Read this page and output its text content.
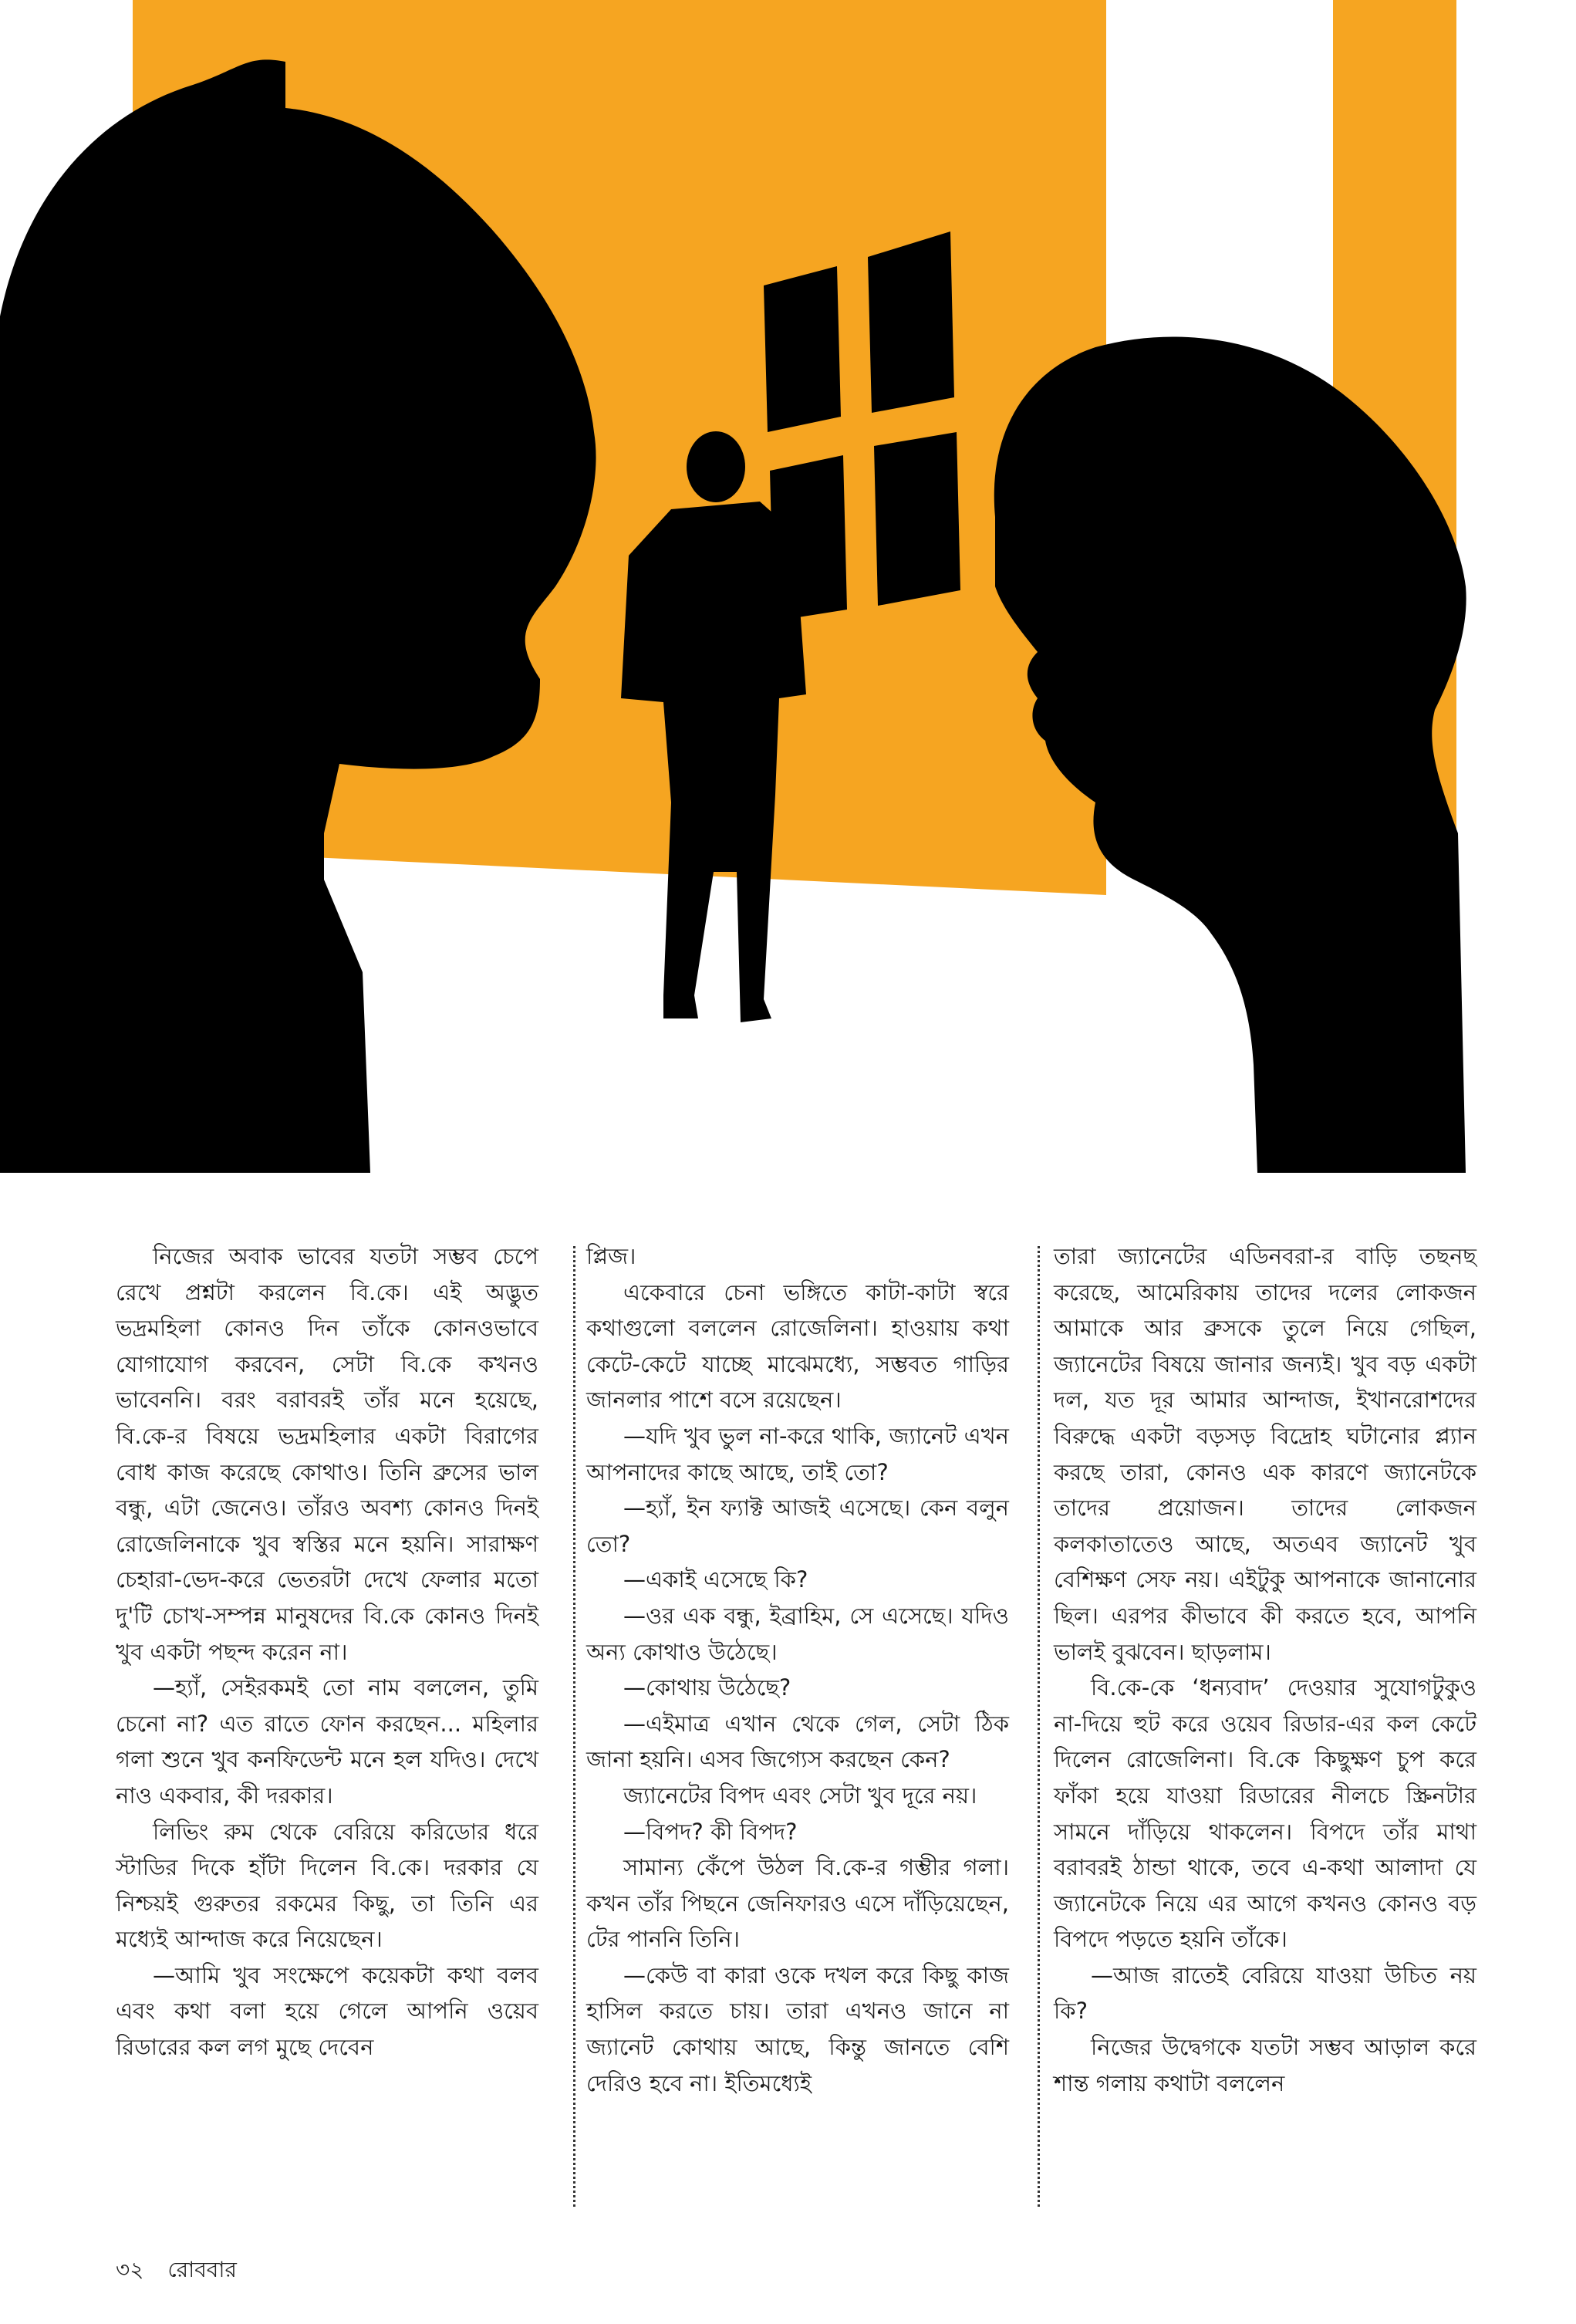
নিজের অবাক ভাবের যতটা সম্ভব চেপে রেখে প্রশ্নটা করলেন বি.কে। এই অদ্ভুত ভদ্রমহিলা কোনও দিন তাঁকে কোনওভাবে যোগাযোগ করবেন, সেটা বি.কে কখনও ভাবেননি। বরং বরাবরই তাঁর মনে হয়েছে, বি.কে-র বিষয়ে ভদ্রমহিলার একটা বিরাগের বোধ কাজ করেছে কোথাও। তিনি ব্রুসের ভাল বন্ধু, এটা জেনেও। তাঁরও অবশ্য কোনও দিনই রোজেলিনাকে খুব স্বস্তির মনে হয়নি। সারাক্ষণ চেহারা-ভেদ-করে ভেতরটা দেখে ফেলার মতো দু'টি চোখ-সম্পন্ন মানুষদের বি.কে কোনও দিনই খুব একটা পছন্দ করেন না।

—হ্যাঁ, সেইরকমই তো নাম বললেন, তুমি চেনো না? এত রাতে ফোন করছেন... মহিলার গলা শুনে খুব কনফিডেন্ট মনে হল যদিও। দেখে নাও একবার, কী দরকার।

লিভিং রুম থেকে বেরিয়ে করিডোর ধরে স্টাডির দিকে হাঁটা দিলেন বি.কে। দরকার যে নিশ্চয়ই গুরুতর রকমের কিছু, তা তিনি এর মধ্যেই আন্দাজ করে নিয়েছেন।

—আমি খুব সংক্ষেপে কয়েকটা কথা বলব এবং কথা বলা হয়ে গেলে আপনি ওয়েব রিডারের কল লগ মুছে দেবেন

প্লিজ।

একেবারে চেনা ভঙ্গিতে কাটা-কাটা স্বরে কথাগুলো বললেন রোজেলিনা। হাওয়ায় কথা কেটে-কেটে যাচ্ছে মাঝেমধ্যে, সম্ভবত গাড়ির জানলার পাশে বসে রয়েছেন।

—যদি খুব ভুল না-করে থাকি, জ্যানেট এখন আপনাদের কাছে আছে, তাই তো?

—হ্যাঁ, ইন ফ্যাক্ট আজই এসেছে। কেন বলুন তো?

—একাই এসেছে কি?

—ওর এক বন্ধু, ইব্রাহিম, সে এসেছে। যদিও অন্য কোথাও উঠেছে।

—কোথায় উঠেছে?

—এইমাত্র এখান থেকে গেল, সেটা ঠিক জানা হয়নি। এসব জিগ্যেস করছেন কেন?

জ্যানেটের বিপদ এবং সেটা খুব দূরে নয়।

—বিপদ? কী বিপদ?

সামান্য কেঁপে উঠল বি.কে-র গম্ভীর গলা। কখন তাঁর পিছনে জেনিফারও এসে দাঁড়িয়েছেন, টের পাননি তিনি।

—কেউ বা কারা ওকে দখল করে কিছু কাজ হাসিল করতে চায়। তারা এখনও জানে না জ্যানেট কোথায় আছে, কিন্তু জানতে বেশি দেরিও হবে না। ইতিমধ্যেই

তারা জ্যানেটের এডিনবরা-র বাড়ি তছনছ করেছে, আমেরিকায় তাদের দলের লোকজন আমাকে আর ব্রুসকে তুলে নিয়ে গেছিল, জ্যানেটের বিষয়ে জানার জন্যই। খুব বড় একটা দল, যত দূর আমার আন্দাজ, ইখানরোশদের বিরুদ্ধে একটা বড়সড় বিদ্রোহ ঘটানোর প্ল্যান করছে তারা, কোনও এক কারণে জ্যানেটকে তাদের প্রয়োজন। তাদের লোকজন কলকাতাতেও আছে, অতএব জ্যানেট খুব বেশিক্ষণ সেফ নয়। এইটুকু আপনাকে জানানোর ছিল। এরপর কীভাবে কী করতে হবে, আপনি ভালই বুঝবেন। ছাড়লাম।

বি.কে-কে ‘ধন্যবাদ’ দেওয়ার সুযোগটুকুও না-দিয়ে হুট করে ওয়েব রিডার-এর কল কেটে দিলেন রোজেলিনা। বি.কে কিছুক্ষণ চুপ করে ফাঁকা হয়ে যাওয়া রিডারের নীলচে স্ক্রিনটার সামনে দাঁড়িয়ে থাকলেন। বিপদে তাঁর মাথা বরাবরই ঠান্ডা থাকে, তবে এ-কথা আলাদা যে জ্যানেটকে নিয়ে এর আগে কখনও কোনও বড় বিপদে পড়তে হয়নি তাঁকে।

—আজ রাতেই বেরিয়ে যাওয়া উচিত নয় কি?

নিজের উদ্বেগকে যতটা সম্ভব আড়াল করে শান্ত গলায় কথাটা বললেন

৩২ রোববার
